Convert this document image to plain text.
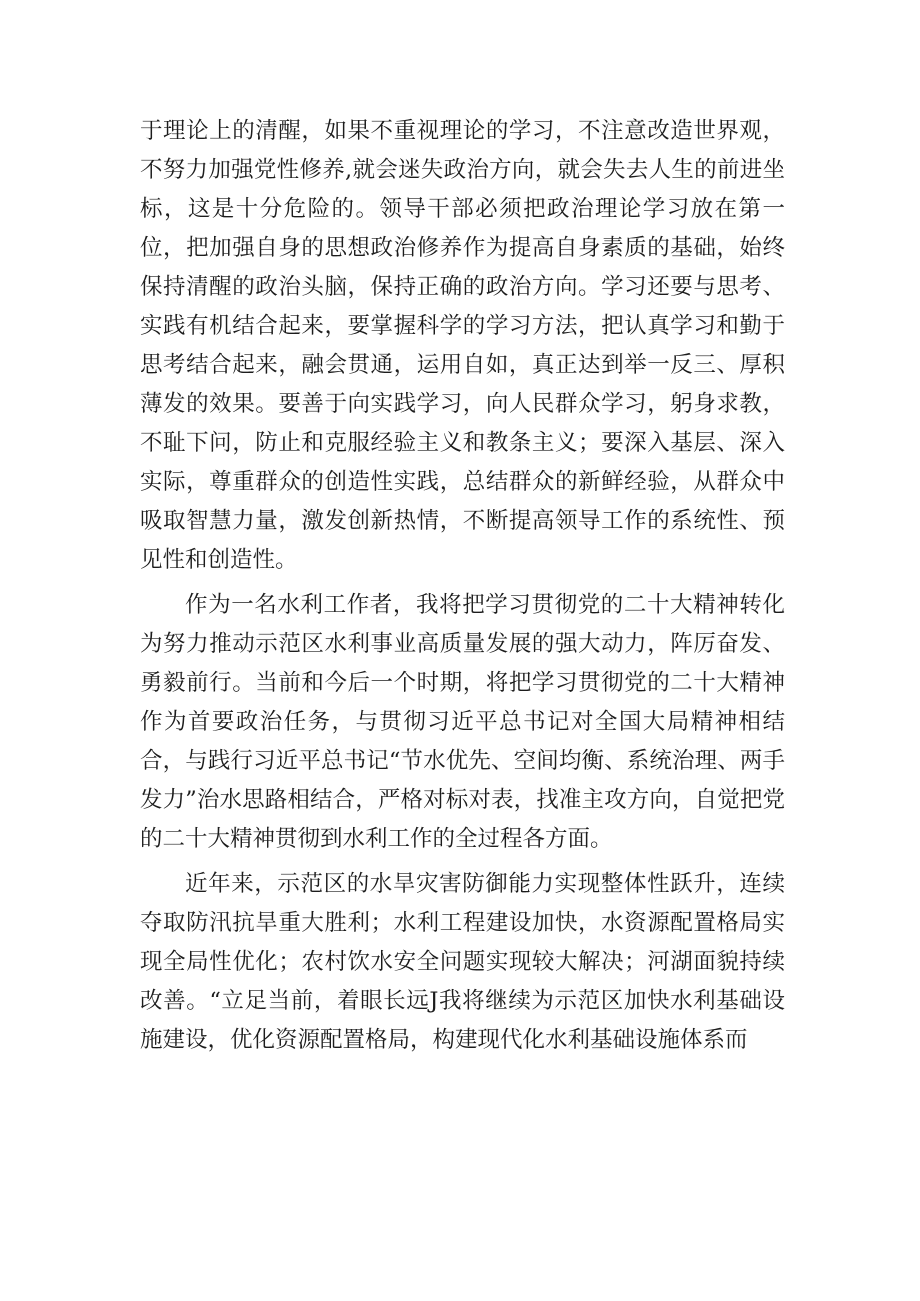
于理论上的清醒，如果不重视理论的学习，不注意改造世界观，不努力加强党性修养,就会迷失政治方向，就会失去人生的前进坐标，这是十分危险的。领导干部必须把政治理论学习放在第一位，把加强自身的思想政治修养作为提高自身素质的基础，始终保持清醒的政治头脑，保持正确的政治方向。学习还要与思考、实践有机结合起来，要掌握科学的学习方法，把认真学习和勤于思考结合起来，融会贯通，运用自如，真正达到举一反三、厚积薄发的效果。要善于向实践学习，向人民群众学习，躬身求教，不耻下问，防止和克服经验主义和教条主义；要深入基层、深入实际，尊重群众的创造性实践，总结群众的新鲜经验，从群众中吸取智慧力量，激发创新热情，不断提高领导工作的系统性、预见性和创造性。

作为一名水利工作者，我将把学习贯彻党的二十大精神转化为努力推动示范区水利事业高质量发展的强大动力，阵厉奋发、勇毅前行。当前和今后一个时期，将把学习贯彻党的二十大精神作为首要政治任务，与贯彻习近平总书记对全国大局精神相结合，与践行习近平总书记“节水优先、空间均衡、系统治理、两手发力”治水思路相结合，严格对标对表，找准主攻方向，自觉把党的二十大精神贯彻到水利工作的全过程各方面。

近年来，示范区的水旱灾害防御能力实现整体性跃升，连续夺取防汛抗旱重大胜利；水利工程建设加快，水资源配置格局实现全局性优化；农村饮水安全问题实现较大解决；河湖面貌持续改善。“立足当前，着眼长远J我将继续为示范区加快水利基础设施建设，优化资源配置格局，构建现代化水利基础设施体系而
